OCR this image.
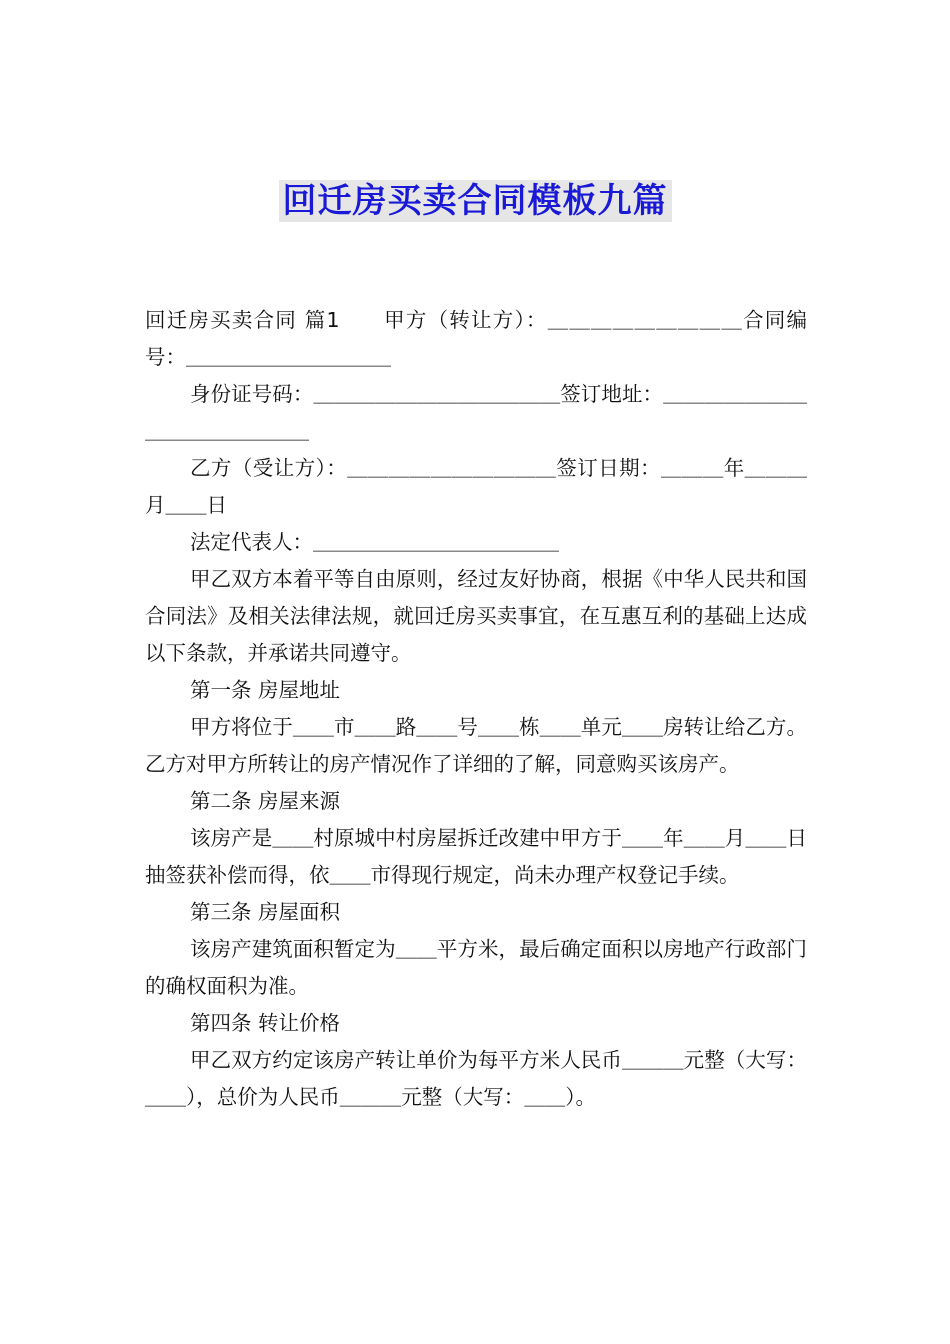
回迁房买卖合同模板九篇

回迁房买卖合同 篇1　　甲方（转让方）：＿＿＿＿＿＿＿＿＿合同编号：＿＿＿＿＿＿＿＿＿＿

身份证号码：＿＿＿＿＿＿＿＿＿＿＿＿签订地址：＿＿＿＿＿＿＿＿＿＿＿＿＿＿＿

乙方（受让方）：＿＿＿＿＿＿＿＿＿＿签订日期：＿＿＿年＿＿＿月＿＿日

法定代表人：＿＿＿＿＿＿＿＿＿＿＿＿

甲乙双方本着平等自由原则，经过友好协商，根据《中华人民共和国合同法》及相关法律法规，就回迁房买卖事宜，在互惠互利的基础上达成以下条款，并承诺共同遵守。

第一条 房屋地址

甲方将位于＿＿市＿＿路＿＿号＿＿栋＿＿单元＿＿房转让给乙方。乙方对甲方所转让的房产情况作了详细的了解，同意购买该房产。

第二条 房屋来源

该房产是＿＿村原城中村房屋拆迁改建中甲方于＿＿年＿＿月＿＿日抽签获补偿而得，依＿＿市得现行规定，尚未办理产权登记手续。

第三条 房屋面积

该房产建筑面积暂定为＿＿平方米，最后确定面积以房地产行政部门的确权面积为准。

第四条 转让价格

甲乙双方约定该房产转让单价为每平方米人民币＿＿＿元整（大写：＿＿），总价为人民币＿＿＿元整（大写：＿＿）。
